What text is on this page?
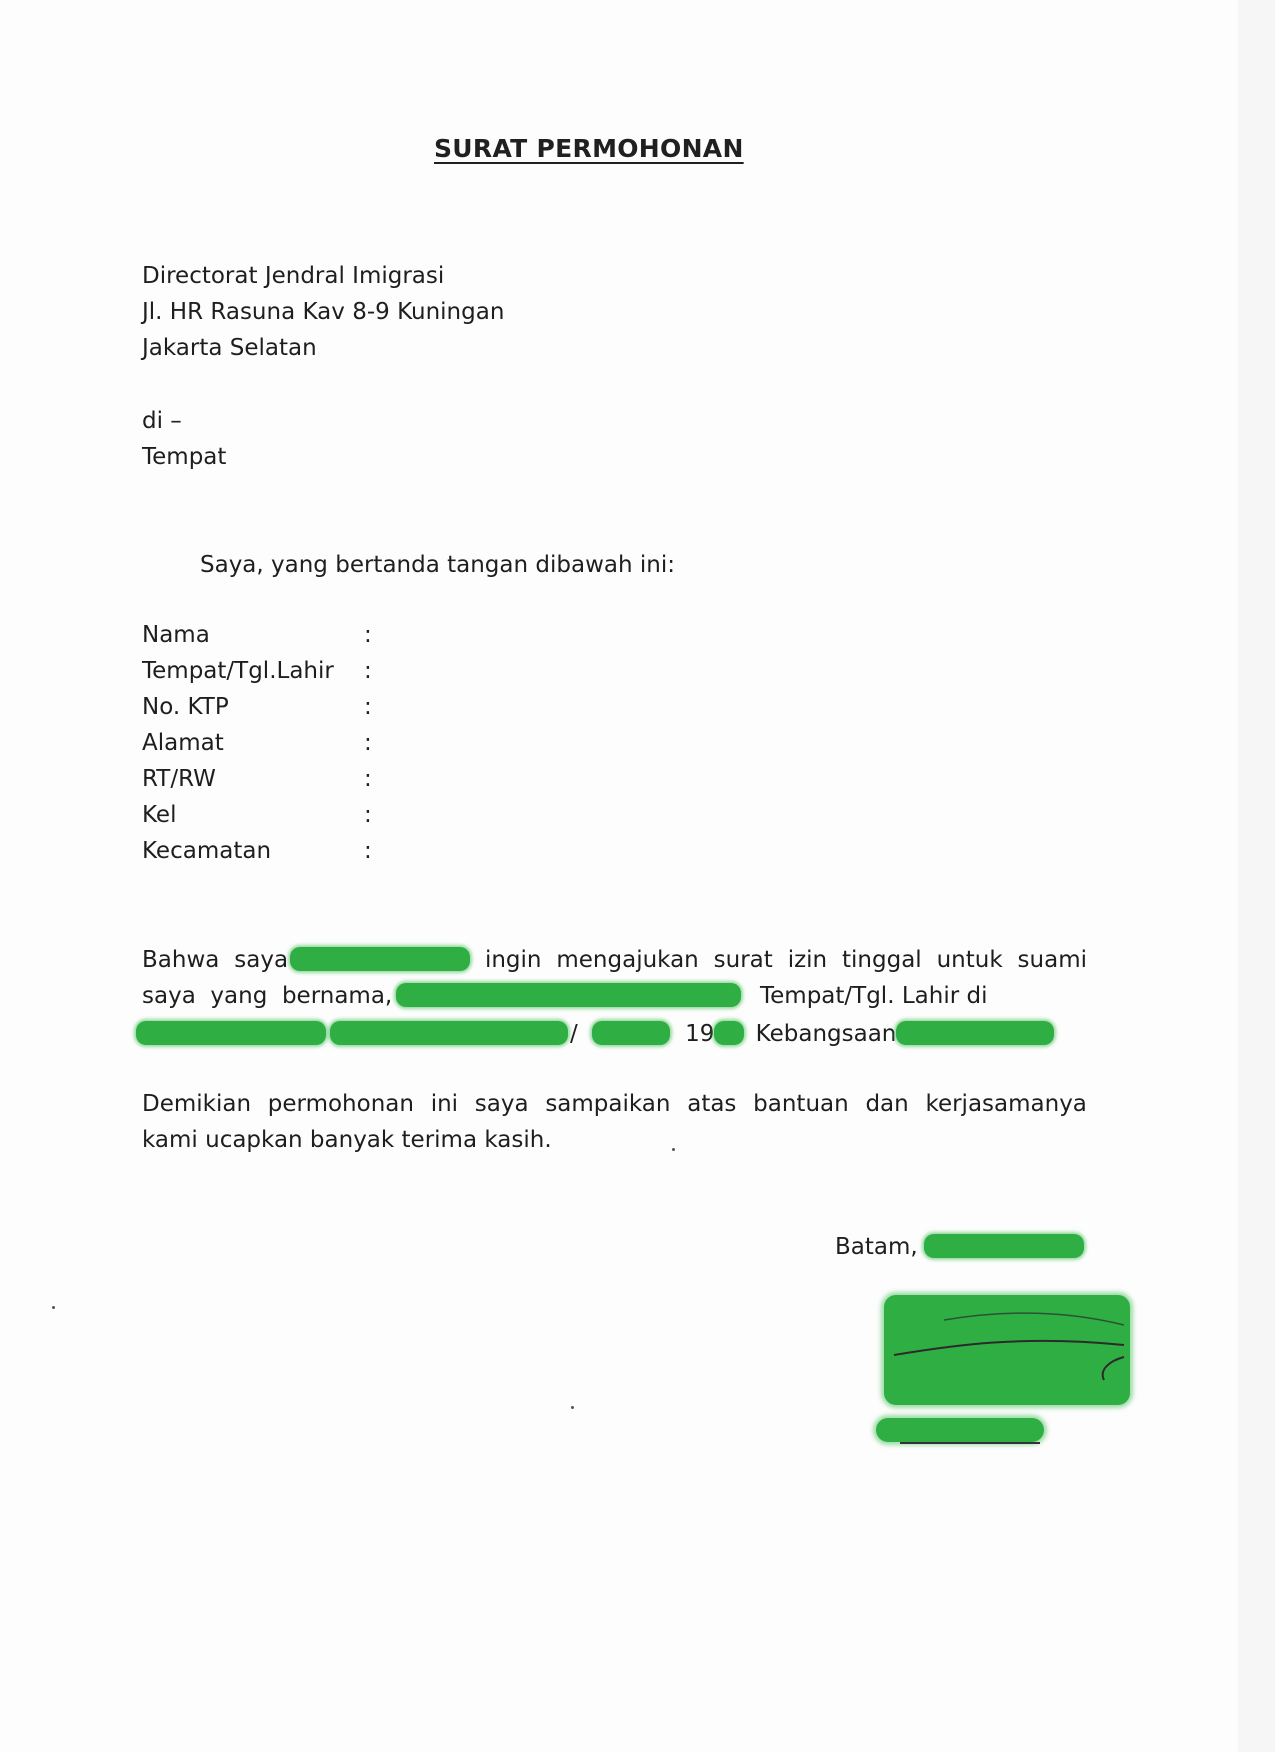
SURAT PERMOHONAN
Directorat Jendral Imigrasi
Jl. HR Rasuna Kav 8-9 Kuningan
Jakarta Selatan
di –
Tempat
Saya, yang bertanda tangan dibawah ini:
Nama	:
Tempat/Tgl.Lahir :
No. KTP	:
Alamat	:
RT/RW	:
Kel	:
Kecamatan	:
Bahwa saya	ingin mengajukan surat izin tinggal untuk suami
saya yang bernama,	Tempat/Tgl. Lahir di
/	19 Kebangsaan
Demikian permohonan ini saya sampaikan atas bantuan dan kerjasamanya
kami ucapkan banyak terima kasih.
Batam,
